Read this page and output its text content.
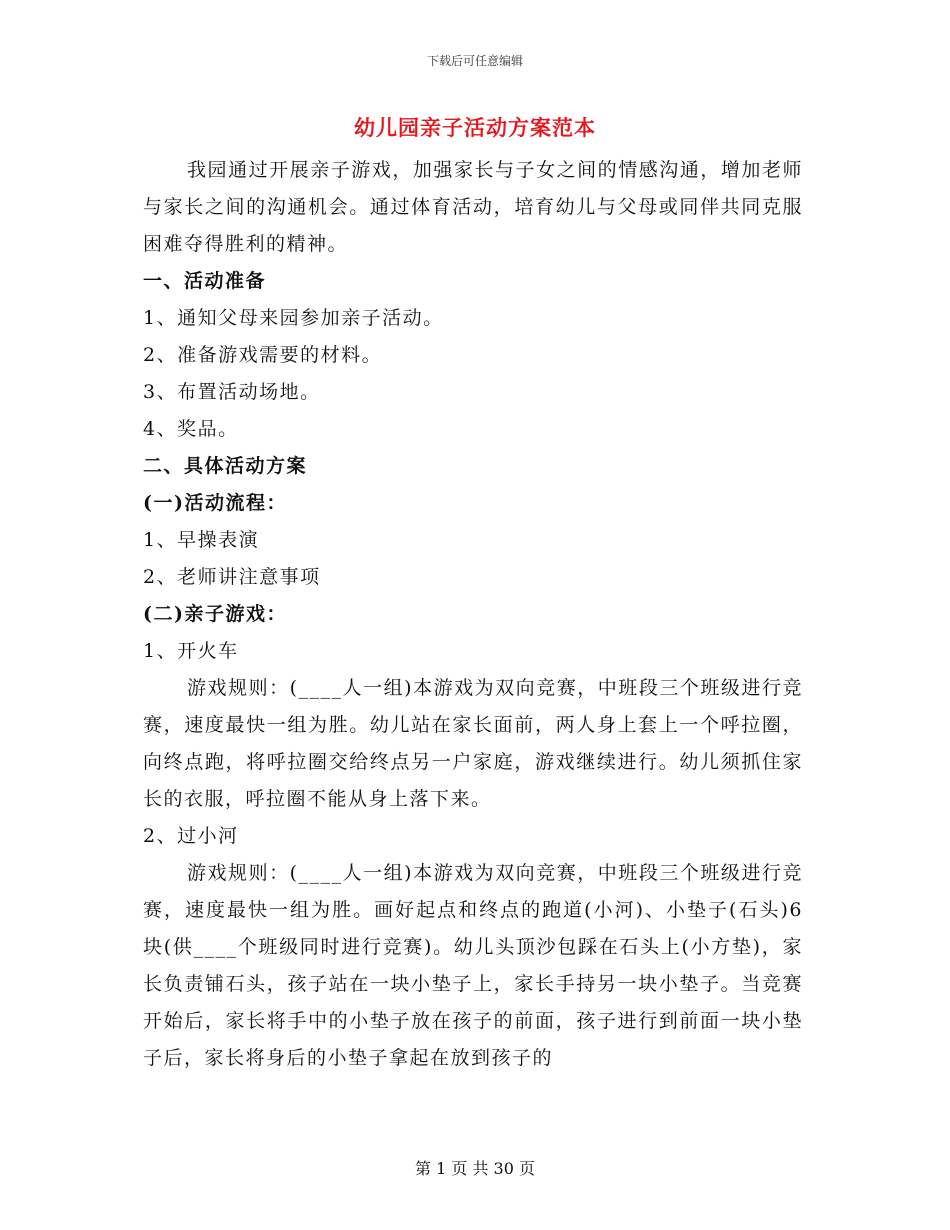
下载后可任意编辑
幼儿园亲子活动方案范本

我园通过开展亲子游戏，加强家长与子女之间的情感沟通，增加老师与家长之间的沟通机会。通过体育活动，培育幼儿与父母或同伴共同克服困难夺得胜利的精神。

一、活动准备

1、通知父母来园参加亲子活动。

2、准备游戏需要的材料。

3、布置活动场地。

4、奖品。

二、具体活动方案

(一)活动流程：

1、早操表演

2、老师讲注意事项

(二)亲子游戏：

1、开火车

游戏规则：(____人一组)本游戏为双向竞赛，中班段三个班级进行竞赛，速度最快一组为胜。幼儿站在家长面前，两人身上套上一个呼拉圈，向终点跑，将呼拉圈交给终点另一户家庭，游戏继续进行。幼儿须抓住家长的衣服，呼拉圈不能从身上落下来。

2、过小河

游戏规则：(____人一组)本游戏为双向竞赛，中班段三个班级进行竞赛，速度最快一组为胜。画好起点和终点的跑道(小河)、小垫子(石头)6块(供____个班级同时进行竞赛)。幼儿头顶沙包踩在石头上(小方垫)，家长负责铺石头，孩子站在一块小垫子上，家长手持另一块小垫子。当竞赛开始后，家长将手中的小垫子放在孩子的前面，孩子进行到前面一块小垫子后，家长将身后的小垫子拿起在放到孩子的

第 1 页 共 30 页
